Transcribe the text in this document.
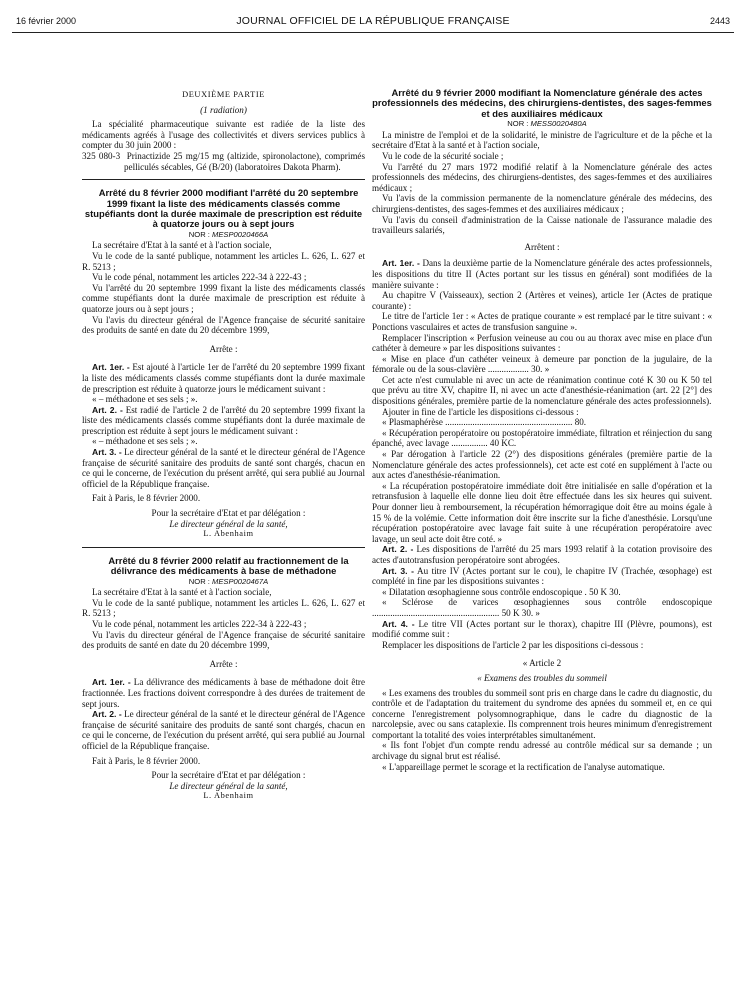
16 février 2000	JOURNAL OFFICIEL DE LA RÉPUBLIQUE FRANÇAISE	2443

DEUXIÈME PARTIE

(1 radiation)

La spécialité pharmaceutique suivante est radiée de la liste des médicaments agréés à l'usage des collectivités et divers services publics à compter du 30 juin 2000 :

325 080-3 Prinactizide 25 mg/15 mg (altizide, spironolactone), comprimés pelliculés sécables, Gé (B/20) (laboratoires Dakota Pharm).

Arrêté du 8 février 2000 modifiant l'arrêté du 20 septembre 1999 fixant la liste des médicaments classés comme stupéfiants dont la durée maximale de prescription est réduite à quatorze jours ou à sept jours

NOR : MESP0020466A

La secrétaire d'Etat à la santé et à l'action sociale,

Vu le code de la santé publique, notamment les articles L. 626, L. 627 et R. 5213 ;

Vu le code pénal, notamment les articles 222-34 à 222-43 ;

Vu l'arrêté du 20 septembre 1999 fixant la liste des médicaments classés comme stupéfiants dont la durée maximale de prescription est réduite à quatorze jours ou à sept jours ;

Vu l'avis du directeur général de l'Agence française de sécurité sanitaire des produits de santé en date du 20 décembre 1999,

Arrête :

Art. 1er. - Est ajouté à l'article 1er de l'arrêté du 20 septembre 1999 fixant la liste des médicaments classés comme stupéfiants dont la durée maximale de prescription est réduite à quatorze jours le médicament suivant :

« – méthadone et ses sels ; ».

Art. 2. - Est radié de l'article 2 de l'arrêté du 20 septembre 1999 fixant la liste des médicaments classés comme stupéfiants dont la durée maximale de prescription est réduite à sept jours le médicament suivant :

« – méthadone et ses sels ; ».

Art. 3. - Le directeur général de la santé et le directeur général de l'Agence française de sécurité sanitaire des produits de santé sont chargés, chacun en ce qui le concerne, de l'exécution du présent arrêté, qui sera publié au Journal officiel de la République française.

Fait à Paris, le 8 février 2000.

Pour la secrétaire d'Etat et par délégation :

Le directeur général de la santé,

L. Abenhaim

Arrêté du 8 février 2000 relatif au fractionnement de la délivrance des médicaments à base de méthadone

NOR : MESP0020467A

La secrétaire d'Etat à la santé et à l'action sociale,

Vu le code de la santé publique, notamment les articles L. 626, L. 627 et R. 5213 ;

Vu le code pénal, notamment les articles 222-34 à 222-43 ;

Vu l'avis du directeur général de l'Agence française de sécurité sanitaire des produits de santé en date du 20 décembre 1999,

Arrête :

Art. 1er. - La délivrance des médicaments à base de méthadone doit être fractionnée. Les fractions doivent correspondre à des durées de traitement de sept jours.

Art. 2. - Le directeur général de la santé et le directeur général de l'Agence française de sécurité sanitaire des produits de santé sont chargés, chacun en ce qui le concerne, de l'exécution du présent arrêté, qui sera publié au Journal officiel de la République française.

Fait à Paris, le 8 février 2000.

Pour la secrétaire d'Etat et par délégation :

Le directeur général de la santé,

L. Abenhaim

Arrêté du 9 février 2000 modifiant la Nomenclature générale des actes professionnels des médecins, des chirurgiens-dentistes, des sages-femmes et des auxiliaires médicaux

NOR : MESS0020480A

La ministre de l'emploi et de la solidarité, le ministre de l'agriculture et de la pêche et la secrétaire d'Etat à la santé et à l'action sociale,

Vu le code de la sécurité sociale ;

Vu l'arrêté du 27 mars 1972 modifié relatif à la Nomenclature générale des actes professionnels des médecins, des chirurgiens-dentistes, des sages-femmes et des auxiliaires médicaux ;

Vu l'avis de la commission permanente de la nomenclature générale des médecins, des chirurgiens-dentistes, des sages-femmes et des auxiliaires médicaux ;

Vu l'avis du conseil d'administration de la Caisse nationale de l'assurance maladie des travailleurs salariés,

Arrêtent :

Art. 1er. - Dans la deuxième partie de la Nomenclature générale des actes professionnels, les dispositions du titre II (Actes portant sur les tissus en général) sont modifiées de la manière suivante :

Au chapitre V (Vaisseaux), section 2 (Artères et veines), article 1er (Actes de pratique courante) :

Le titre de l'article 1er : « Actes de pratique courante » est remplacé par le titre suivant : « Ponctions vasculaires et actes de transfusion sanguine ».

Remplacer l'inscription « Perfusion veineuse au cou ou au thorax avec mise en place d'un cathéter à demeure » par les dispositions suivantes :

« Mise en place d'un cathéter veineux à demeure par ponction de la jugulaire, de la fémorale ou de la sous-clavière .................. 30. »

Cet acte n'est cumulable ni avec un acte de réanimation continue coté K 30 ou K 50 tel que prévu au titre XV, chapitre II, ni avec un acte d'anesthésie-réanimation (art. 22 [2°] des dispositions générales, première partie de la nomenclature générale des actes professionnels).

Ajouter in fine de l'article les dispositions ci-dessous :

« Plasmaphérèse ........................................................ 80.

« Récupération peropératoire ou postopératoire immédiate, filtration et réinjection du sang épanché, avec lavage ................ 40 KC.

« Par dérogation à l'article 22 (2°) des dispositions générales (première partie de la Nomenclature générale des actes professionnels), cet acte est coté en supplément à l'acte ou aux actes d'anesthésie-réanimation.

« La récupération postopératoire immédiate doit être initialisée en salle d'opération et la retransfusion à laquelle elle donne lieu doit être effectuée dans les six heures qui suivent. Pour donner lieu à remboursement, la récupération hémorragique doit être au moins égale à 15 % de la volémie. Cette information doit être inscrite sur la fiche d'anesthésie. Lorsqu'une récupération postopératoire avec lavage fait suite à une récupération peropératoire avec lavage, un seul acte doit être coté. »

Art. 2. - Les dispositions de l'arrêté du 25 mars 1993 relatif à la cotation provisoire des actes d'autotransfusion peropératoire sont abrogées.

Art. 3. - Au titre IV (Actes portant sur le cou), le chapitre IV (Trachée, œsophage) est complété in fine par les dispositions suivantes :

« Dilatation œsophagienne sous contrôle endoscopique . 50 K 30.

« Sclérose de varices œsophagiennes sous contrôle endoscopique ........................................................ 50 K 30. »

Art. 4. - Le titre VII (Actes portant sur le thorax), chapitre III (Plèvre, poumons), est modifié comme suit :

Remplacer les dispositions de l'article 2 par les dispositions ci-dessous :

« Article 2

« Examens des troubles du sommeil

« Les examens des troubles du sommeil sont pris en charge dans le cadre du diagnostic, du contrôle et de l'adaptation du traitement du syndrome des apnées du sommeil et, en ce qui concerne l'enregistrement polysomnographique, dans le cadre du diagnostic de la narcolepsie, avec ou sans cataplexie. Ils comprennent trois heures minimum d'enregistrement comportant la totalité des voies interprétables simultanément.

« Ils font l'objet d'un compte rendu adressé au contrôle médical sur sa demande ; un archivage du signal brut est réalisé.

« L'appareillage permet le scorage et la rectification de l'analyse automatique.
